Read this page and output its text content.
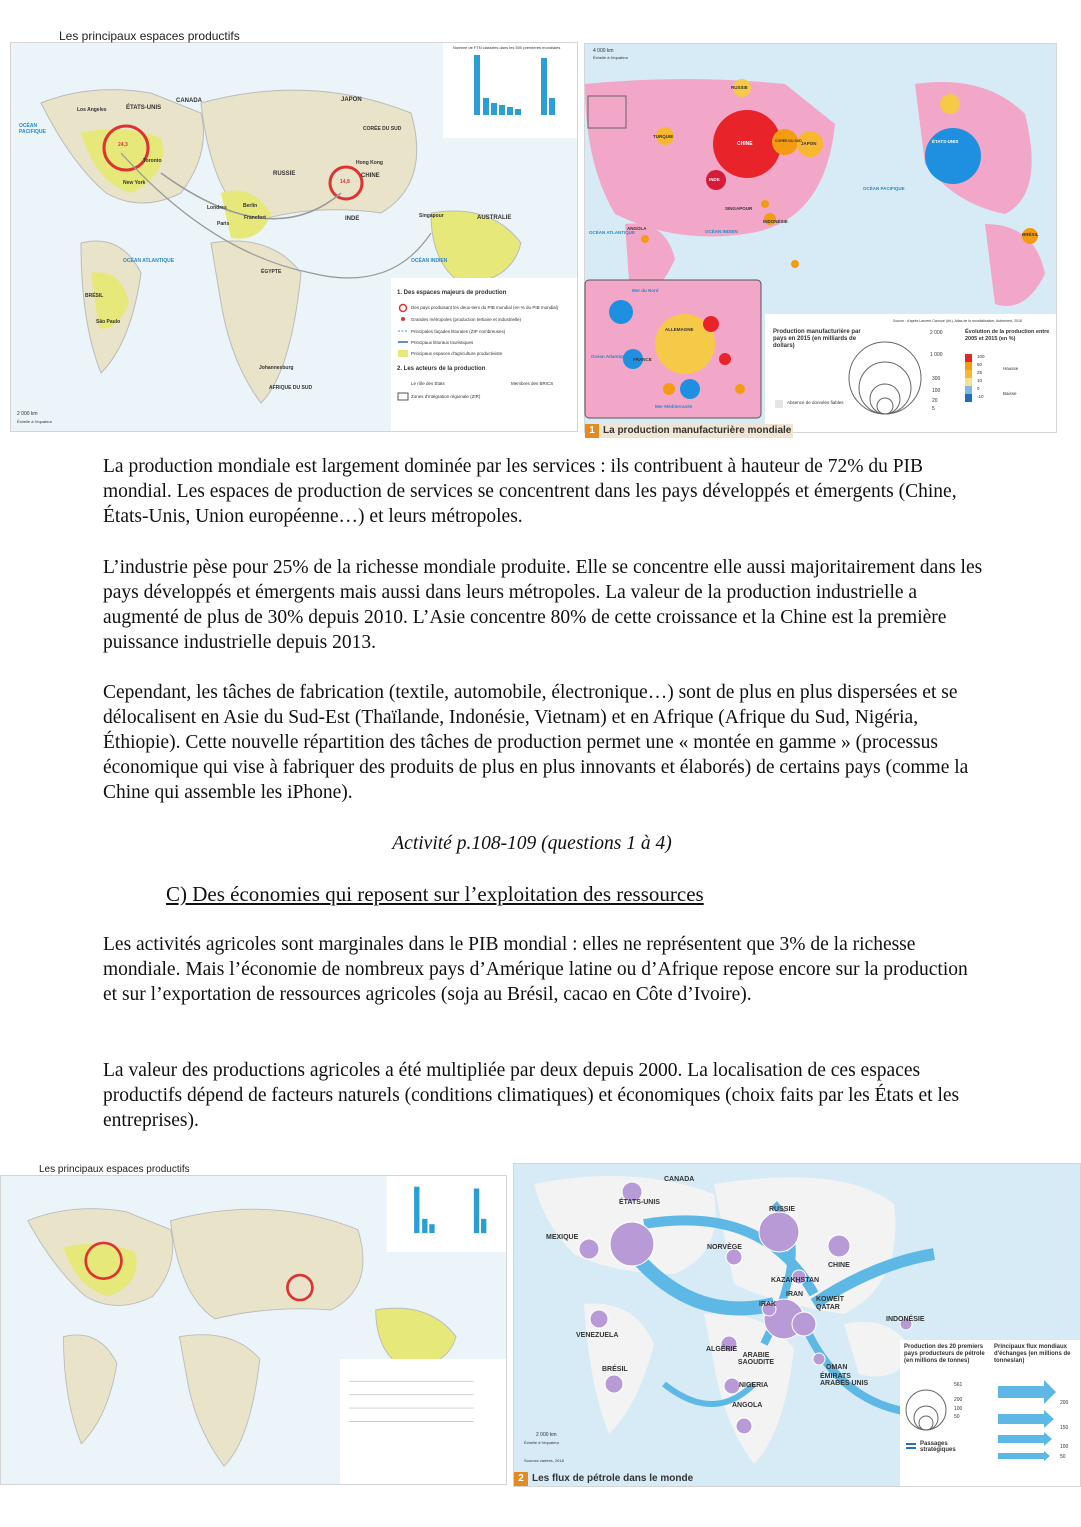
Les principaux espaces productifs
CANADA
ÉTATS-UNIS
Los Angeles
Toronto
New York
BRÉSIL
São Paulo
RUSSIE
JAPON
CORÉE DU SUD
CHINE
Hong Kong
INDE	AUSTRALIE
ÉGYPTE
AFRIQUE DU SUD
Johannesburg
Londres	Berlin
Francfort
Paris
Singapour
OCÉAN PACIFIQUE
OCÉAN ATLANTIQUE	OCÉAN INDIEN
24,3
14,8
Nombre de FTN classées dans les 500 premières mondiales
2 000 km
Échelle à l'équateur
1. Des espaces majeurs de production
Des pays produisant les deux-tiers du PIB mondial (en % du PIB mondial)
Grandes métropoles (production tertiaire et industrielle)
Principales façades littorales (ZIP nombreuses)
Principaux littoraux touristiques
Principaux espaces d'agriculture productiviste
2. Les acteurs de la production
Le rôle des États	Membres des BRICS
Zones d'intégration régionale (ZIR)
4 000 km
Échelle à l'équateur
RUSSIE
CHINE	CORÉE DU SUD JAPON
INDE
TURQUIE
SINGAPOUR
INDONÉSIE
ÉTATS-UNIS
BRÉSIL
ANGOLA
ALLEMAGNE
FRANCE
Mer du Nord
Mer Méditerranée
Océan Atlantique
OCÉAN ATLANTIQUE	OCÉAN INDIEN
OCÉAN PACIFIQUE
Production manufacturière par pays en 2015 (en milliards de dollars)
2 000
1 000
300
100
20
5
Absence de données fiables
Évolution de la production entre 2005 et 2015 (en %)
100
50
25
10
0
-10
Hausse
Baisse
Source : d'après Laurent Carroué (dir.), Atlas de la mondialisation, Autrement, 2018
1 La production manufacturière mondiale

La production mondiale est largement dominée par les services : ils contribuent à hauteur de 72% du PIB mondial. Les espaces de production de services se concentrent dans les pays développés et émergents (Chine, États-Unis, Union européenne…) et leurs métropoles.

L’industrie pèse pour 25% de la richesse mondiale produite. Elle se concentre elle aussi majoritairement dans les pays développés et émergents mais aussi dans leurs métropoles. La valeur de la production industrielle a augmenté de plus de 30% depuis 2010. L’Asie concentre 80% de cette croissance et la Chine est la première puissance industrielle depuis 2013.

Cependant, les tâches de fabrication (textile, automobile, électronique…) sont de plus en plus dispersées et se délocalisent en Asie du Sud-Est (Thaïlande, Indonésie, Vietnam) et en Afrique (Afrique du Sud, Nigéria, Éthiopie). Cette nouvelle répartition des tâches de production permet une « montée en gamme » (processus économique qui vise à fabriquer des produits de plus en plus innovants et élaborés) de certains pays (comme la Chine qui assemble les iPhone).

Activité p.108-109 (questions 1 à 4)

C) Des économies qui reposent sur l’exploitation des ressources

Les activités agricoles sont marginales dans le PIB mondial : elles ne représentent que 3% de la richesse mondiale. Mais l’économie de nombreux pays d’Amérique latine ou d’Afrique repose encore sur la production et sur l’exportation de ressources agricoles (soja au Brésil, cacao en Côte d’Ivoire).

La valeur des productions agricoles a été multipliée par deux depuis 2000. La localisation de ces espaces productifs dépend de facteurs naturels (conditions climatiques) et économiques (choix faits par les États et les entreprises).

Les principaux espaces productifs
CANADA
ÉTATS-UNIS
MEXIQUE
RUSSIE
NORVÈGE
CHINE
KAZAKHSTAN
IRAN
IRAK
KOWEÏT
QATAR
INDONÉSIE
VENEZUELA
BRÉSIL
ALGÉRIE
ARABIE SAOUDITE
OMAN
ÉMIRATS ARABES UNIS
NIGERIA
ANGOLA
Production des 20 premiers pays producteurs de pétrole (en millions de tonnes)
561
200
100
50
Principaux flux mondiaux d'échanges (en millions de tonnes/an)
200
150
100
50
Passages stratégiques
2 000 km
Échelle à l'équateur
Sources variées, 2018
2 Les flux de pétrole dans le monde
